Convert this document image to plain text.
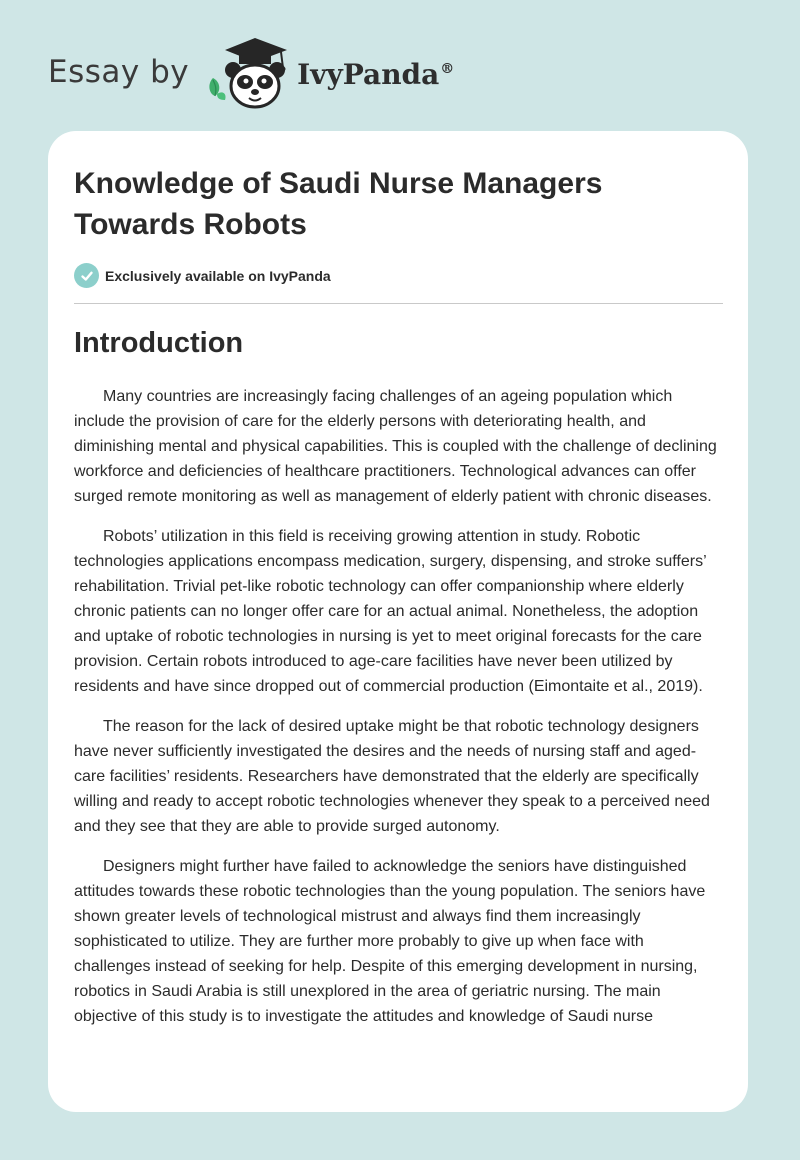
Essay by	IvyPanda®
Knowledge of Saudi Nurse Managers Towards Robots
Exclusively available on IvyPanda
Introduction

Many countries are increasingly facing challenges of an ageing population which include the provision of care for the elderly persons with deteriorating health, and diminishing mental and physical capabilities. This is coupled with the challenge of declining workforce and deficiencies of healthcare practitioners. Technological advances can offer surged remote monitoring as well as management of elderly patient with chronic diseases.

Robots’ utilization in this field is receiving growing attention in study. Robotic technologies applications encompass medication, surgery, dispensing, and stroke suffers’ rehabilitation. Trivial pet-like robotic technology can offer companionship where elderly chronic patients can no longer offer care for an actual animal. Nonetheless, the adoption and uptake of robotic technologies in nursing is yet to meet original forecasts for the care provision. Certain robots introduced to age-care facilities have never been utilized by residents and have since dropped out of commercial production (Eimontaite et al., 2019).

The reason for the lack of desired uptake might be that robotic technology designers have never sufficiently investigated the desires and the needs of nursing staff and aged-care facilities’ residents. Researchers have demonstrated that the elderly are specifically willing and ready to accept robotic technologies whenever they speak to a perceived need and they see that they are able to provide surged autonomy.

Designers might further have failed to acknowledge the seniors have distinguished attitudes towards these robotic technologies than the young population. The seniors have shown greater levels of technological mistrust and always find them increasingly sophisticated to utilize. They are further more probably to give up when face with challenges instead of seeking for help. Despite of this emerging development in nursing, robotics in Saudi Arabia is still unexplored in the area of geriatric nursing. The main objective of this study is to investigate the attitudes and knowledge of Saudi nurse
